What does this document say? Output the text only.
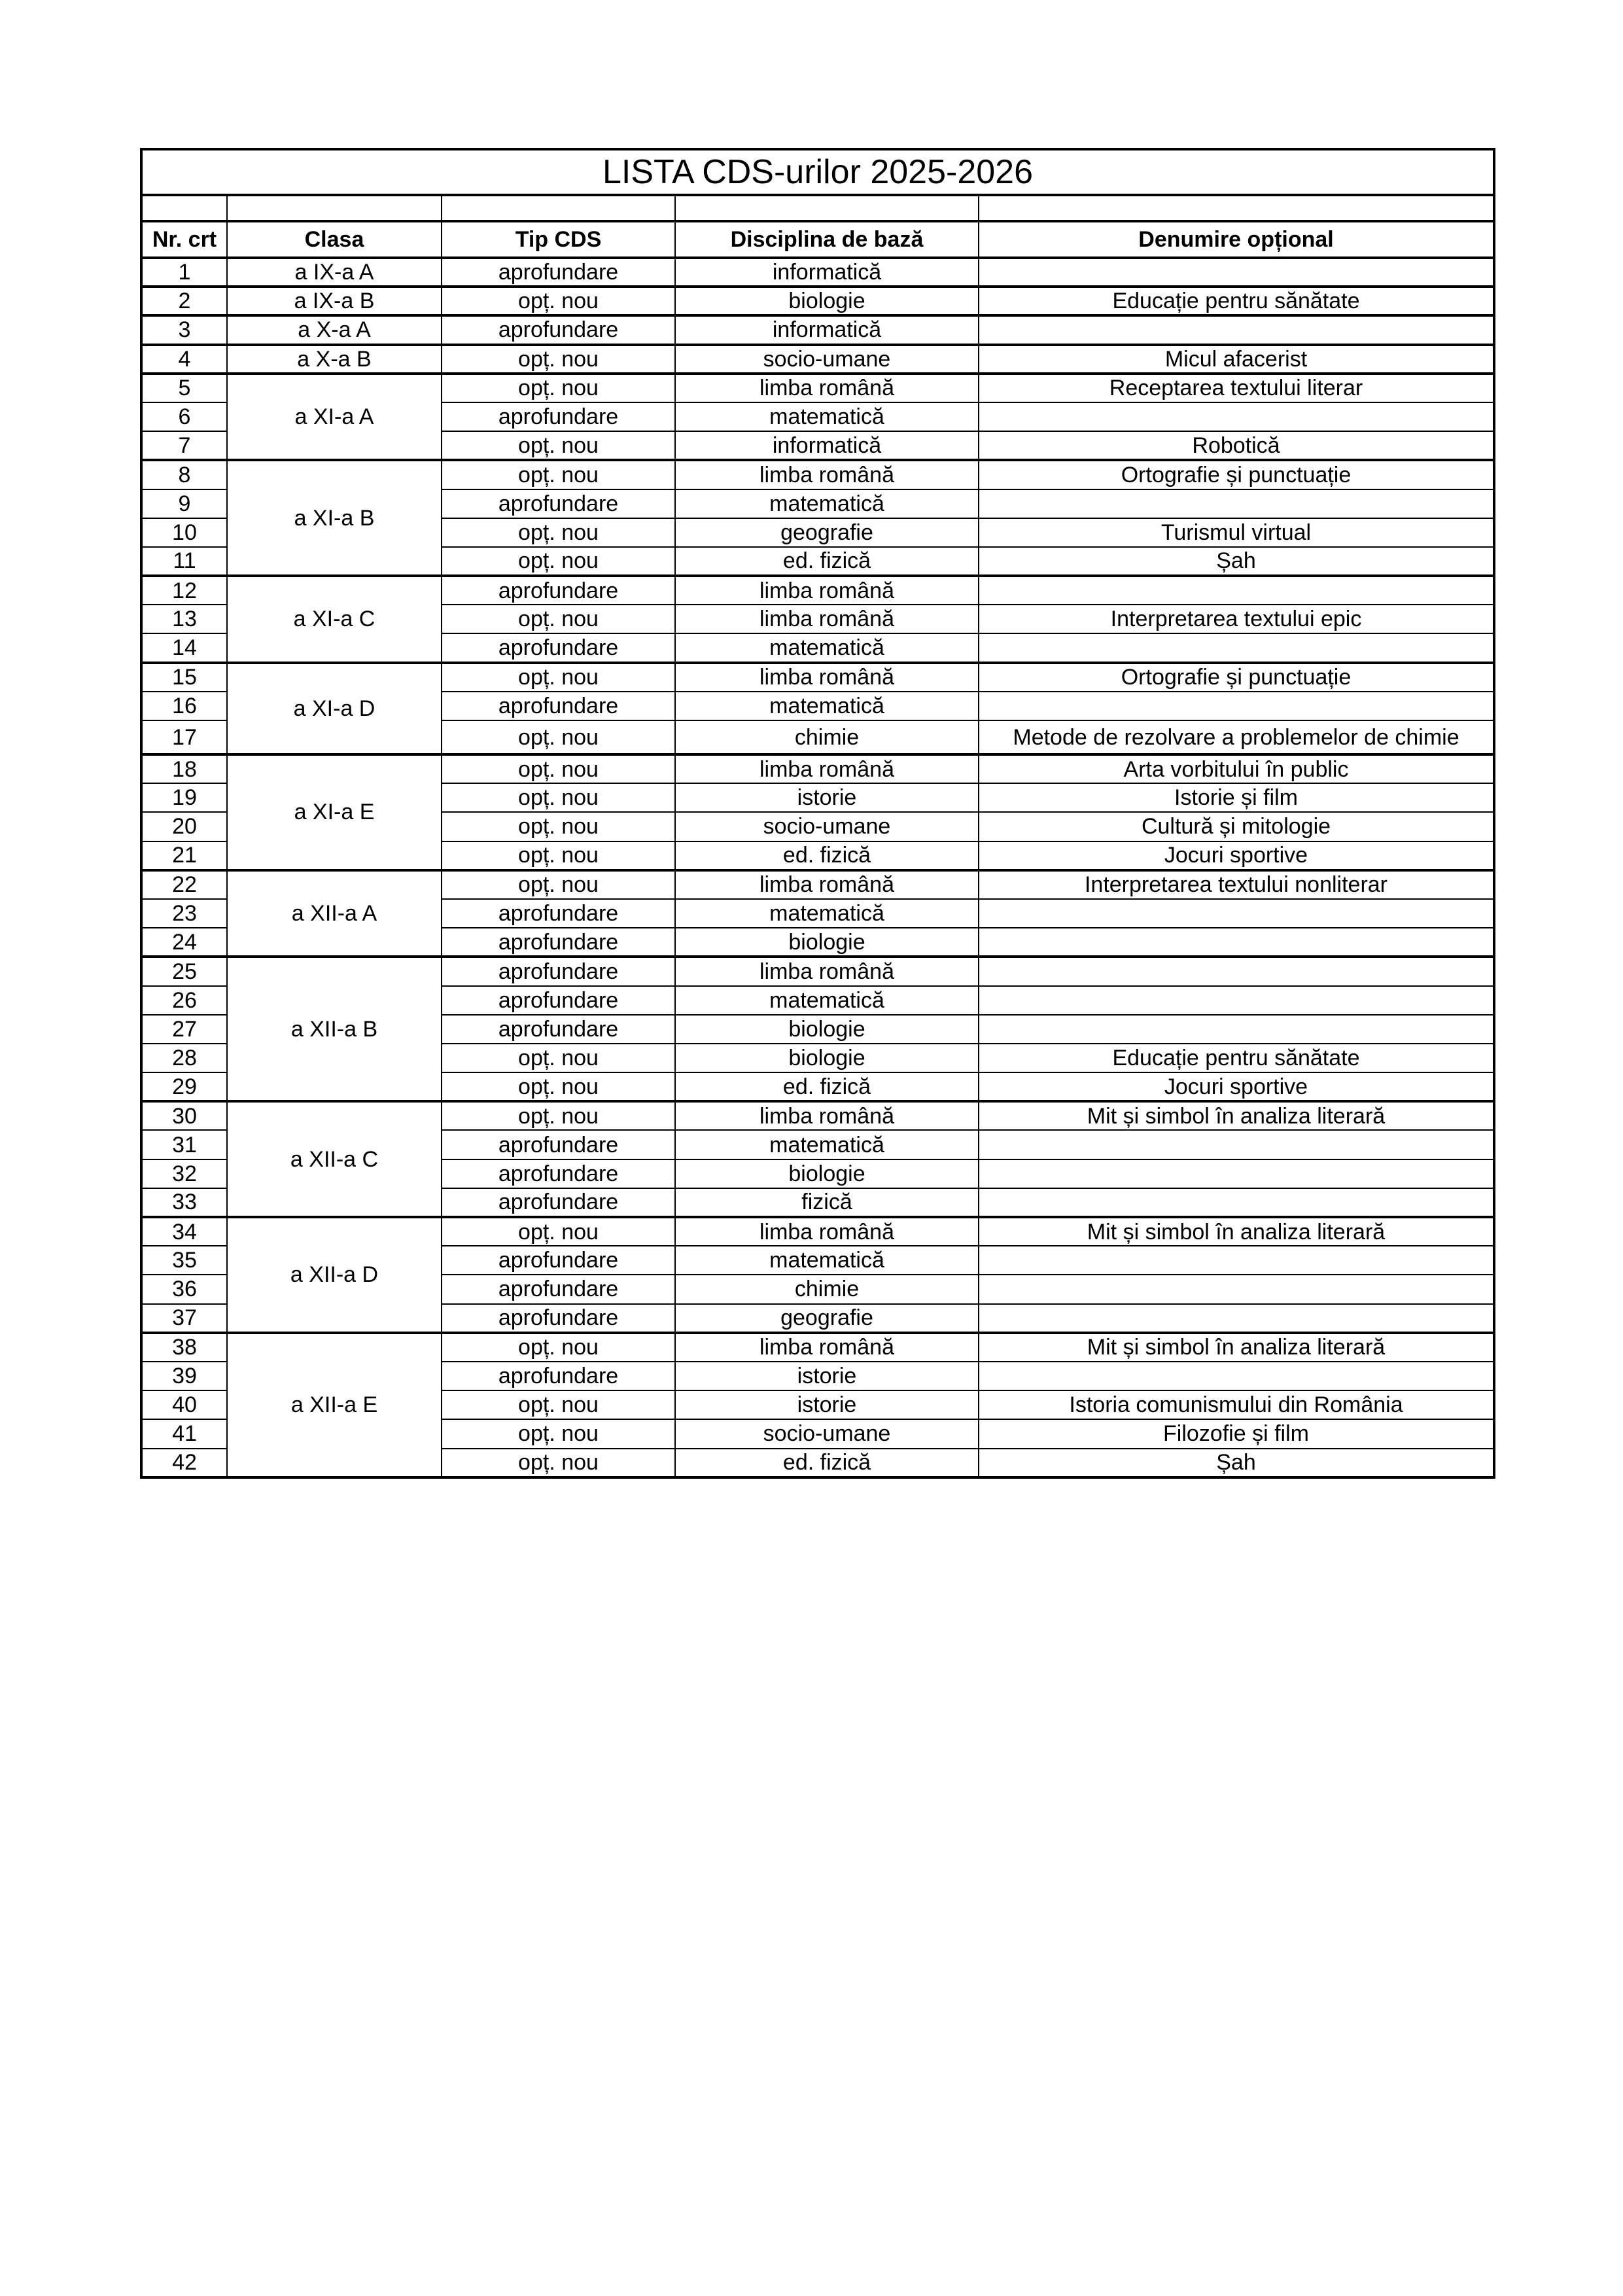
LISTA CDS-urilor 2025-2026				

Nr. crt	Clasa	Tip CDS	Disciplina de bază	Denumire opțional
1	a IX-a A	aprofundare	informatică	
2	a IX-a B	opț. nou	biologie	Educație pentru sănătate
3	a X-a A	aprofundare	informatică	
4	a X-a B	opț. nou	socio-umane	Micul afacerist
5	a XI-a A	opț. nou	limba română	Receptarea textului literar
6		aprofundare	matematică	
7		opț. nou	informatică	Robotică
8	a XI-a B	opț. nou	limba română	Ortografie și punctuație
9		aprofundare	matematică	
10		opț. nou	geografie	Turismul virtual
11		opț. nou	ed. fizică	Șah
12	a XI-a C	aprofundare	limba română	
13		opț. nou	limba română	Interpretarea textului epic
14		aprofundare	matematică	
15	a XI-a D	opț. nou	limba română	Ortografie și punctuație
16		aprofundare	matematică	
17		opț. nou	chimie	Metode de rezolvare a problemelor de chimie
18	a XI-a E	opț. nou	limba română	Arta vorbitului în public
19		opț. nou	istorie	Istorie și film
20		opț. nou	socio-umane	Cultură și mitologie
21		opț. nou	ed. fizică	Jocuri sportive
22	a XII-a A	opț. nou	limba română	Interpretarea textului nonliterar
23		aprofundare	matematică	
24		aprofundare	biologie	
25	a XII-a B	aprofundare	limba română	
26		aprofundare	matematică	
27		aprofundare	biologie	
28		opț. nou	biologie	Educație pentru sănătate
29		opț. nou	ed. fizică	Jocuri sportive
30	a XII-a C	opț. nou	limba română	Mit și simbol în analiza literară
31		aprofundare	matematică	
32		aprofundare	biologie	
33		aprofundare	fizică	
34	a XII-a D	opț. nou	limba română	Mit și simbol în analiza literară
35		aprofundare	matematică	
36		aprofundare	chimie	
37		aprofundare	geografie	
38	a XII-a E	opț. nou	limba română	Mit și simbol în analiza literară
39		aprofundare	istorie	
40		opț. nou	istorie	Istoria comunismului din România
41		opț. nou	socio-umane	Filozofie și film
42		opț. nou	ed. fizică	Șah
